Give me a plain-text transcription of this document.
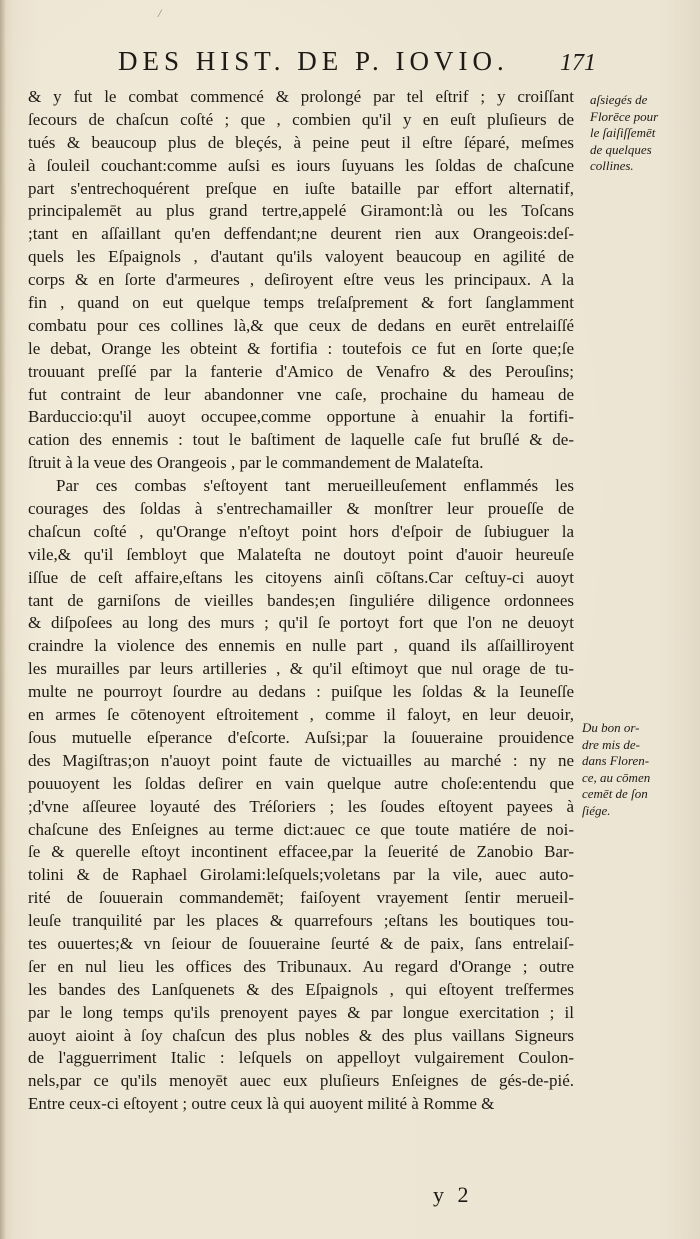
/
DES HIST. DE P. IOVIO. 171
& y fut le combat commencé & prolongé par tel eſtrif ; y croiſſant
ſecours de chaſcun coſté ; que , combien qu'il y en euſt pluſieurs de
tués & beaucoup plus de bleçés, à peine peut il eſtre ſéparé, meſmes
à ſouleil couchant:comme auſsi es iours ſuyuans les ſoldas de chaſcune
part s'entrechoquérent preſque en iuſte bataille par effort alternatif,
principalemēt au plus grand tertre,appelé Giramont:là ou les Toſcans
;tant en aſſaillant qu'en deffendant;ne deurent rien aux Orangeois:deſ-
quels les Eſpaignols , d'autant qu'ils valoyent beaucoup en agilité de
corps & en ſorte d'armeures , deſiroyent eſtre veus les principaux. A la
fin , quand on eut quelque temps treſaſprement & fort ſanglamment
combatu pour ces collines là,& que ceux de dedans en eurēt entrelaiſſé
le debat, Orange les obteint & fortifia : toutefois ce fut en ſorte que;ſe
trouuant preſſé par la fanterie d'Amico de Venafro & des Perouſins;
fut contraint de leur abandonner vne caſe, prochaine du hameau de
Barduccio:qu'il auoyt occupee,comme opportune à enuahir la fortifi-
cation des ennemis : tout le baſtiment de laquelle caſe fut bruſlé & de-
ſtruit à la veue des Orangeois , par le commandement de Malateſta.
Par ces combas s'eſtoyent tant merueilleuſement enflammés les
courages des ſoldas à s'entrechamailler & monſtrer leur proueſſe de
chaſcun coſté , qu'Orange n'eſtoyt point hors d'eſpoir de ſubiuguer la
vile,& qu'il ſembloyt que Malateſta ne doutoyt point d'auoir heureuſe
iſſue de ceſt affaire,eſtans les citoyens ainſi cōſtans.Car ceſtuy-ci auoyt
tant de garniſons de vieilles bandes;en ſinguliére diligence ordonnees
& diſpoſees au long des murs ; qu'il ſe portoyt fort que l'on ne deuoyt
craindre la violence des ennemis en nulle part , quand ils aſſailliroyent
les murailles par leurs artilleries , & qu'il eſtimoyt que nul orage de tu-
multe ne pourroyt ſourdre au dedans : puiſque les ſoldas & la Ieuneſſe
en armes ſe cōtenoyent eſtroitement , comme il faloyt, en leur deuoir,
ſous mutuelle eſperance d'eſcorte. Auſsi;par la ſouueraine prouidence
des Magiſtras;on n'auoyt point faute de victuailles au marché : ny ne
pouuoyent les ſoldas deſirer en vain quelque autre choſe:entendu que
;d'vne aſſeuree loyauté des Tréſoriers ; les ſoudes eſtoyent payees à
chaſcune des Enſeignes au terme dict:auec ce que toute matiére de noi-
ſe & querelle eſtoyt incontinent effacee,par la ſeuerité de Zanobio Bar-
tolini & de Raphael Girolami:leſquels;voletans par la vile, auec auto-
rité de ſouuerain commandemēt; faiſoyent vrayement ſentir merueil-
leuſe tranquilité par les places & quarrefours ;eſtans les boutiques tou-
tes ouuertes;& vn ſeiour de ſouueraine ſeurté & de paix, ſans entrelaiſ-
ſer en nul lieu les offices des Tribunaux. Au regard d'Orange ; outre
les bandes des Lanſquenets & des Eſpaignols , qui eſtoyent treſfermes
par le long temps qu'ils prenoyent payes & par longue exercitation ; il
auoyt aioint à ſoy chaſcun des plus nobles & des plus vaillans Signeurs
de l'agguerriment Italic : leſquels on appelloyt vulgairement Coulon-
nels,par ce qu'ils menoyēt auec eux pluſieurs Enſeignes de gés-de-pié.
Entre ceux-ci eſtoyent ; outre ceux là qui auoyent milité à Romme &
aſsiegés de
Florēce pour
le ſaiſiſſemēt
de quelques
collines.
Du bon or-
dre mis de-
dans Floren-
ce, au cōmen
cemēt de ſon
ſiége.
y 2
